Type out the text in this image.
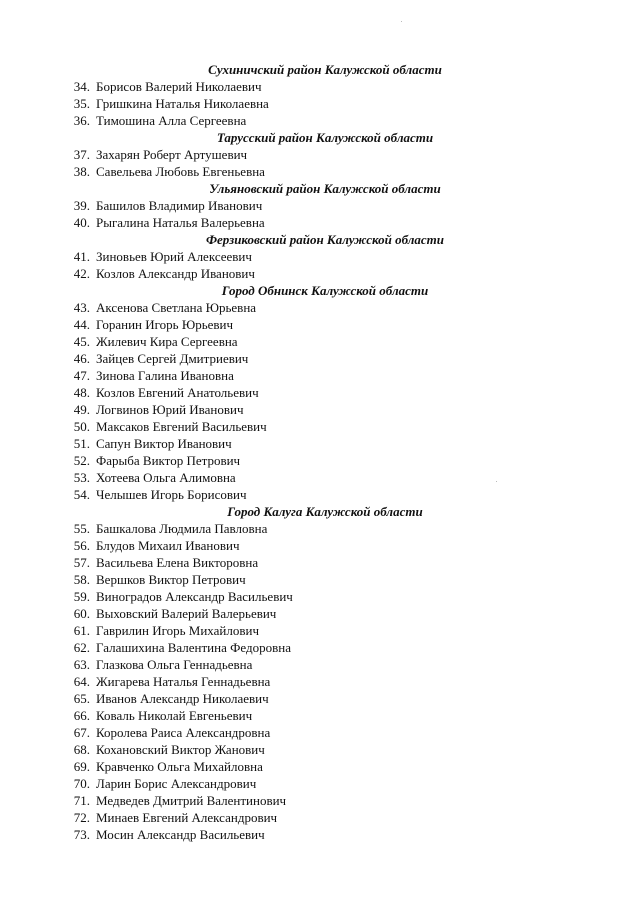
Сухиничский район Калужской области
34. Борисов Валерий Николаевич
35. Гришкина Наталья Николаевна
36. Тимошина Алла Сергеевна
Тарусский район Калужской области
37. Захарян Роберт Артушевич
38. Савельева Любовь Евгеньевна
Ульяновский район Калужской области
39. Башилов Владимир Иванович
40. Рыгалина Наталья Валерьевна
Ферзиковский район Калужской области
41. Зиновьев Юрий Алексеевич
42. Козлов Александр Иванович
Город Обнинск Калужской области
43. Аксенова Светлана Юрьевна
44. Горанин Игорь Юрьевич
45. Жилевич Кира Сергеевна
46. Зайцев Сергей Дмитриевич
47. Зинова Галина Ивановна
48. Козлов Евгений Анатольевич
49. Логвинов Юрий Иванович
50. Максаков Евгений Васильевич
51. Сапун Виктор Иванович
52. Фарыба Виктор Петрович
53. Хотеева Ольга Алимовна
54. Челышев Игорь Борисович
Город Калуга Калужской области
55. Башкалова Людмила Павловна
56. Блудов Михаил Иванович
57. Васильева Елена Викторовна
58. Вершков Виктор Петрович
59. Виноградов Александр Васильевич
60. Выховский Валерий Валерьевич
61. Гаврилин Игорь Михайлович
62. Галашихина Валентина Федоровна
63. Глазкова Ольга Геннадьевна
64. Жигарева Наталья Геннадьевна
65. Иванов Александр Николаевич
66. Коваль Николай Евгеньевич
67. Королева Раиса Александровна
68. Кохановский Виктор Жанович
69. Кравченко Ольга Михайловна
70. Ларин Борис Александрович
71. Медведев Дмитрий Валентинович
72. Минаев Евгений Александрович
73. Мосин Александр Васильевич
